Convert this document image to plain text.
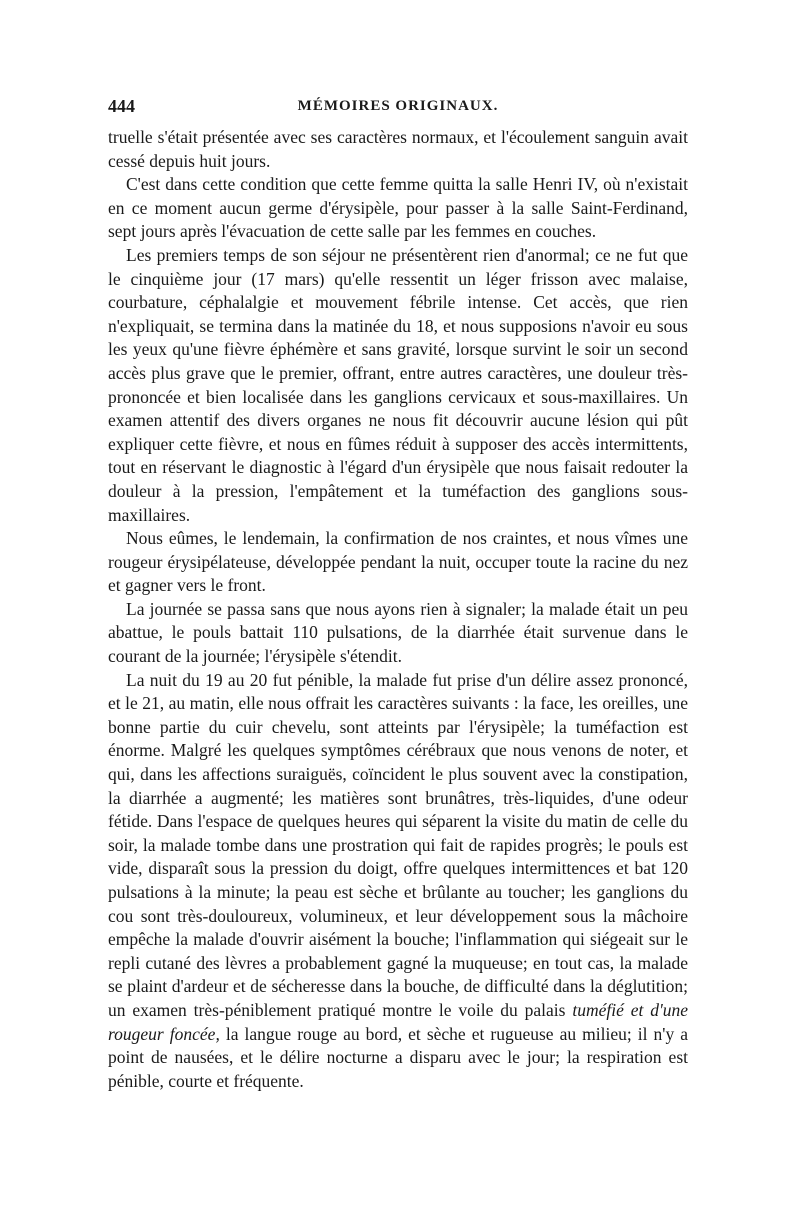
444	MÉMOIRES ORIGINAUX.

truelle s'était présentée avec ses caractères normaux, et l'écoulement sanguin avait cessé depuis huit jours.

C'est dans cette condition que cette femme quitta la salle Henri IV, où n'existait en ce moment aucun germe d'érysipèle, pour passer à la salle Saint-Ferdinand, sept jours après l'évacuation de cette salle par les femmes en couches.

Les premiers temps de son séjour ne présentèrent rien d'anormal; ce ne fut que le cinquième jour (17 mars) qu'elle ressentit un léger frisson avec malaise, courbature, céphalalgie et mouvement fébrile intense. Cet accès, que rien n'expliquait, se termina dans la matinée du 18, et nous supposions n'avoir eu sous les yeux qu'une fièvre éphémère et sans gravité, lorsque survint le soir un second accès plus grave que le premier, offrant, entre autres caractères, une douleur très-prononcée et bien localisée dans les ganglions cervicaux et sous-maxillaires. Un examen attentif des divers organes ne nous fit découvrir aucune lésion qui pût expliquer cette fièvre, et nous en fûmes réduit à supposer des accès intermittents, tout en réservant le diagnostic à l'égard d'un érysipèle que nous faisait redouter la douleur à la pression, l'empâtement et la tuméfaction des ganglions sous-maxillaires.

Nous eûmes, le lendemain, la confirmation de nos craintes, et nous vîmes une rougeur érysipélateuse, développée pendant la nuit, occuper toute la racine du nez et gagner vers le front.

La journée se passa sans que nous ayons rien à signaler; la malade était un peu abattue, le pouls battait 110 pulsations, de la diarrhée était survenue dans le courant de la journée; l'érysipèle s'étendit.

La nuit du 19 au 20 fut pénible, la malade fut prise d'un délire assez prononcé, et le 21, au matin, elle nous offrait les caractères suivants : la face, les oreilles, une bonne partie du cuir chevelu, sont atteints par l'érysipèle; la tuméfaction est énorme. Malgré les quelques symptômes cérébraux que nous venons de noter, et qui, dans les affections suraiguës, coïncident le plus souvent avec la constipation, la diarrhée a augmenté; les matières sont brunâtres, très-liquides, d'une odeur fétide. Dans l'espace de quelques heures qui séparent la visite du matin de celle du soir, la malade tombe dans une prostration qui fait de rapides progrès; le pouls est vide, disparaît sous la pression du doigt, offre quelques intermittences et bat 120 pulsations à la minute; la peau est sèche et brûlante au toucher; les ganglions du cou sont très-douloureux, volumineux, et leur développement sous la mâchoire empêche la malade d'ouvrir aisément la bouche; l'inflammation qui siégeait sur le repli cutané des lèvres a probablement gagné la muqueuse; en tout cas, la malade se plaint d'ardeur et de sécheresse dans la bouche, de difficulté dans la déglutition; un examen très-péniblement pratiqué montre le voile du palais tuméfié et d'une rougeur foncée, la langue rouge au bord, et sèche et rugueuse au milieu; il n'y a point de nausées, et le délire nocturne a disparu avec le jour; la respiration est pénible, courte et fréquente.
